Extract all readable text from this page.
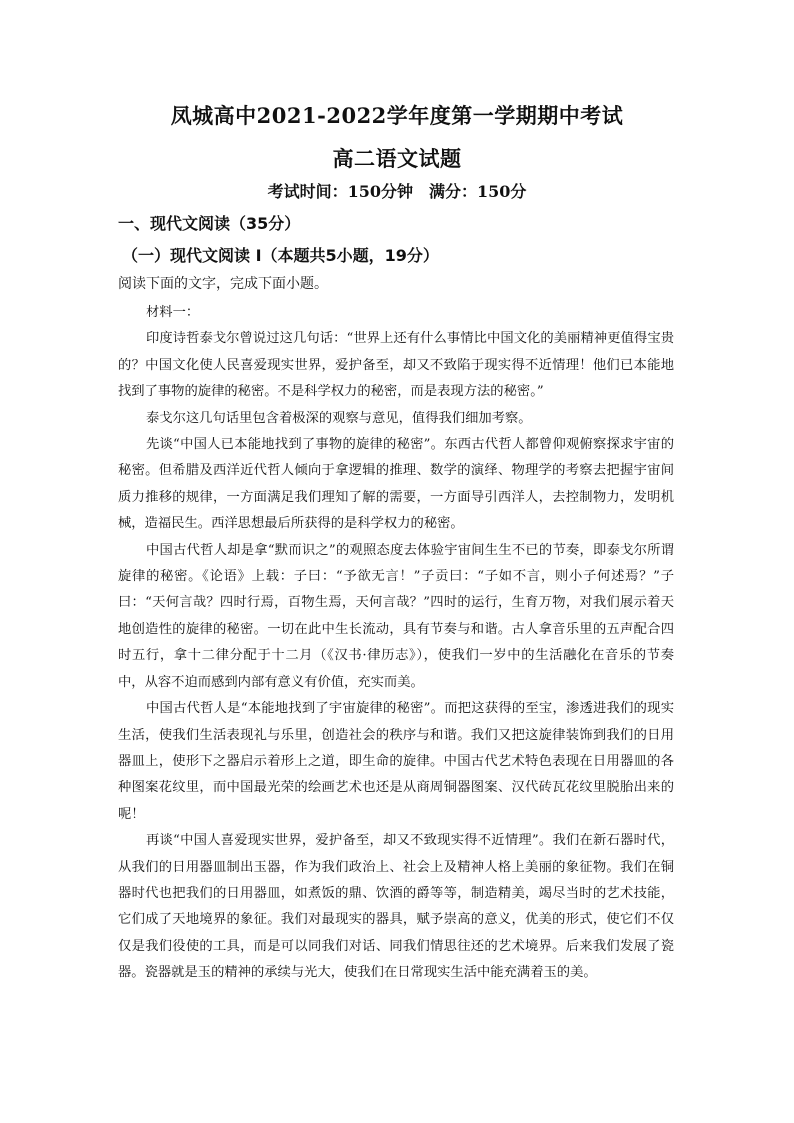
凤城高中2021-2022学年度第一学期期中考试
高二语文试题
考试时间：150分钟　满分：150分
一、现代文阅读（35分）
（一）现代文阅读 I（本题共5小题，19分）
阅读下面的文字，完成下面小题。

材料一：

印度诗哲泰戈尔曾说过这几句话：“世界上还有什么事情比中国文化的美丽精神更值得宝贵的？中国文化使人民喜爱现实世界，爱护备至，却又不致陷于现实得不近情理！他们已本能地找到了事物的旋律的秘密。不是科学权力的秘密，而是表现方法的秘密。”

泰戈尔这几句话里包含着极深的观察与意见，值得我们细加考察。

先谈“中国人已本能地找到了事物的旋律的秘密”。东西古代哲人都曾仰观俯察探求宇宙的秘密。但希腊及西洋近代哲人倾向于拿逻辑的推理、数学的演绎、物理学的考察去把握宇宙间质力推移的规律，一方面满足我们理知了解的需要，一方面导引西洋人，去控制物力，发明机械，造福民生。西洋思想最后所获得的是科学权力的秘密。

中国古代哲人却是拿“默而识之”的观照态度去体验宇宙间生生不已的节奏，即泰戈尔所谓旋律的秘密。《论语》上载：子曰：“予欲无言！”子贡曰：“子如不言，则小子何述焉？”子曰：“天何言哉？四时行焉，百物生焉，天何言哉？”四时的运行，生育万物，对我们展示着天地创造性的旋律的秘密。一切在此中生长流动，具有节奏与和谐。古人拿音乐里的五声配合四时五行，拿十二律分配于十二月（《汉书·律历志》），使我们一岁中的生活融化在音乐的节奏中，从容不迫而感到内部有意义有价值，充实而美。

中国古代哲人是“本能地找到了宇宙旋律的秘密”。而把这获得的至宝，渗透进我们的现实生活，使我们生活表现礼与乐里，创造社会的秩序与和谐。我们又把这旋律装饰到我们的日用器皿上，使形下之器启示着形上之道，即生命的旋律。中国古代艺术特色表现在日用器皿的各种图案花纹里，而中国最光荣的绘画艺术也还是从商周铜器图案、汉代砖瓦花纹里脱胎出来的呢！

再谈“中国人喜爱现实世界，爱护备至，却又不致现实得不近情理”。我们在新石器时代，从我们的日用器皿制出玉器，作为我们政治上、社会上及精神人格上美丽的象征物。我们在铜器时代也把我们的日用器皿，如煮饭的鼎、饮酒的爵等等，制造精美，竭尽当时的艺术技能，它们成了天地境界的象征。我们对最现实的器具，赋予崇高的意义，优美的形式，使它们不仅仅是我们役使的工具，而是可以同我们对话、同我们情思往还的艺术境界。后来我们发展了瓷器。瓷器就是玉的精神的承续与光大，使我们在日常现实生活中能充满着玉的美。
